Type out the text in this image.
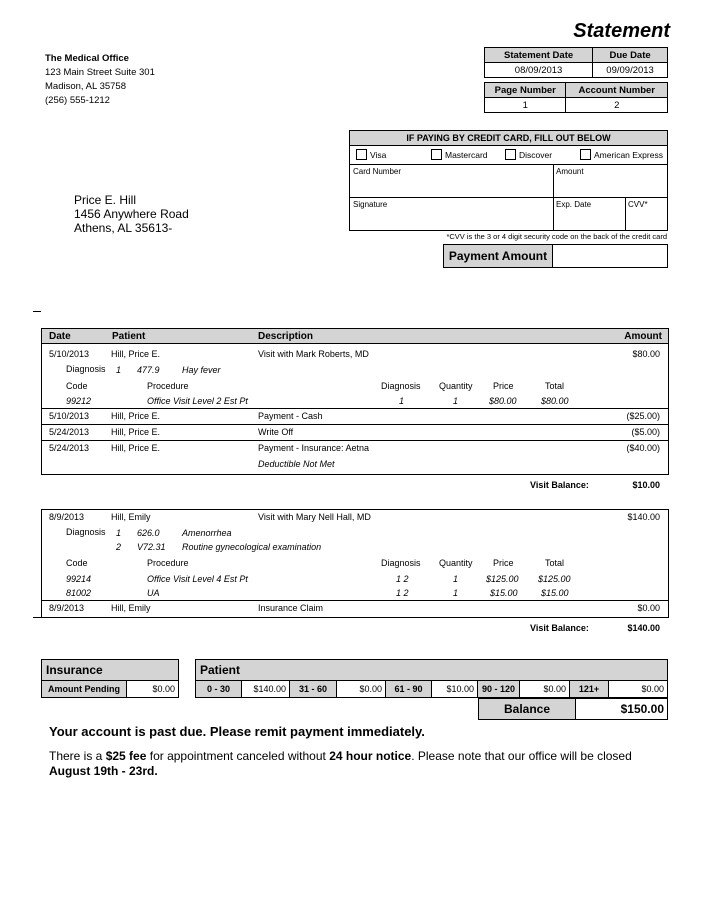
Statement
The Medical Office
123 Main Street Suite 301
Madison, AL 35758
(256) 555-1212
Statement Date	Due Date
08/09/2013	09/09/2013
Page Number	Account Number
1	2
Price E. Hill
1456 Anywhere Road
Athens, AL 35613-
IF PAYING BY CREDIT CARD, FILL OUT BELOW
Visa	Mastercard	Discover	American Express
Card Number	Amount
Signature	Exp. Date	CVV*
*CVV is the 3 or 4 digit security code on the back of the credit card
Payment Amount
Date	Patient	Description	Amount
5/10/2013 Hill, Price E.	Visit with Mark Roberts, MD	$80.00
Diagnosis 1 477.9 Hay fever
Code	Procedure	Diagnosis Quantity Price	Total
99212	Office Visit Level 2 Est Pt	1	1	$80.00	$80.00
5/10/2013 Hill, Price E.	Payment - Cash	($25.00)
5/24/2013 Hill, Price E.	Write Off	($5.00)
5/24/2013 Hill, Price E.	Payment - Insurance: Aetna	($40.00)
Deductible Not Met
Visit Balance:	$10.00
8/9/2013	Hill, Emily	Visit with Mary Nell Hall, MD	$140.00
Diagnosis 1 626.0 Amenorrhea
2 V72.31 Routine gynecological examination
Code	Procedure	Diagnosis Quantity Price	Total
99214	Office Visit Level 4 Est Pt	1 2	1	$125.00 $125.00
81002	UA	1 2	1	$15.00	$15.00
8/9/2013	Hill, Emily	Insurance Claim	$0.00
Visit Balance:	$140.00
Insurance
Amount Pending	$0.00
Patient
0 - 30	$140.00	31 - 60	$0.00	61 - 90	$10.00	90 - 120	$0.00	121+	$0.00
Balance	$150.00
Your account is past due. Please remit payment immediately.
There is a $25 fee for appointment canceled without 24 hour notice. Please note that our office will be closed August 19th - 23rd.
